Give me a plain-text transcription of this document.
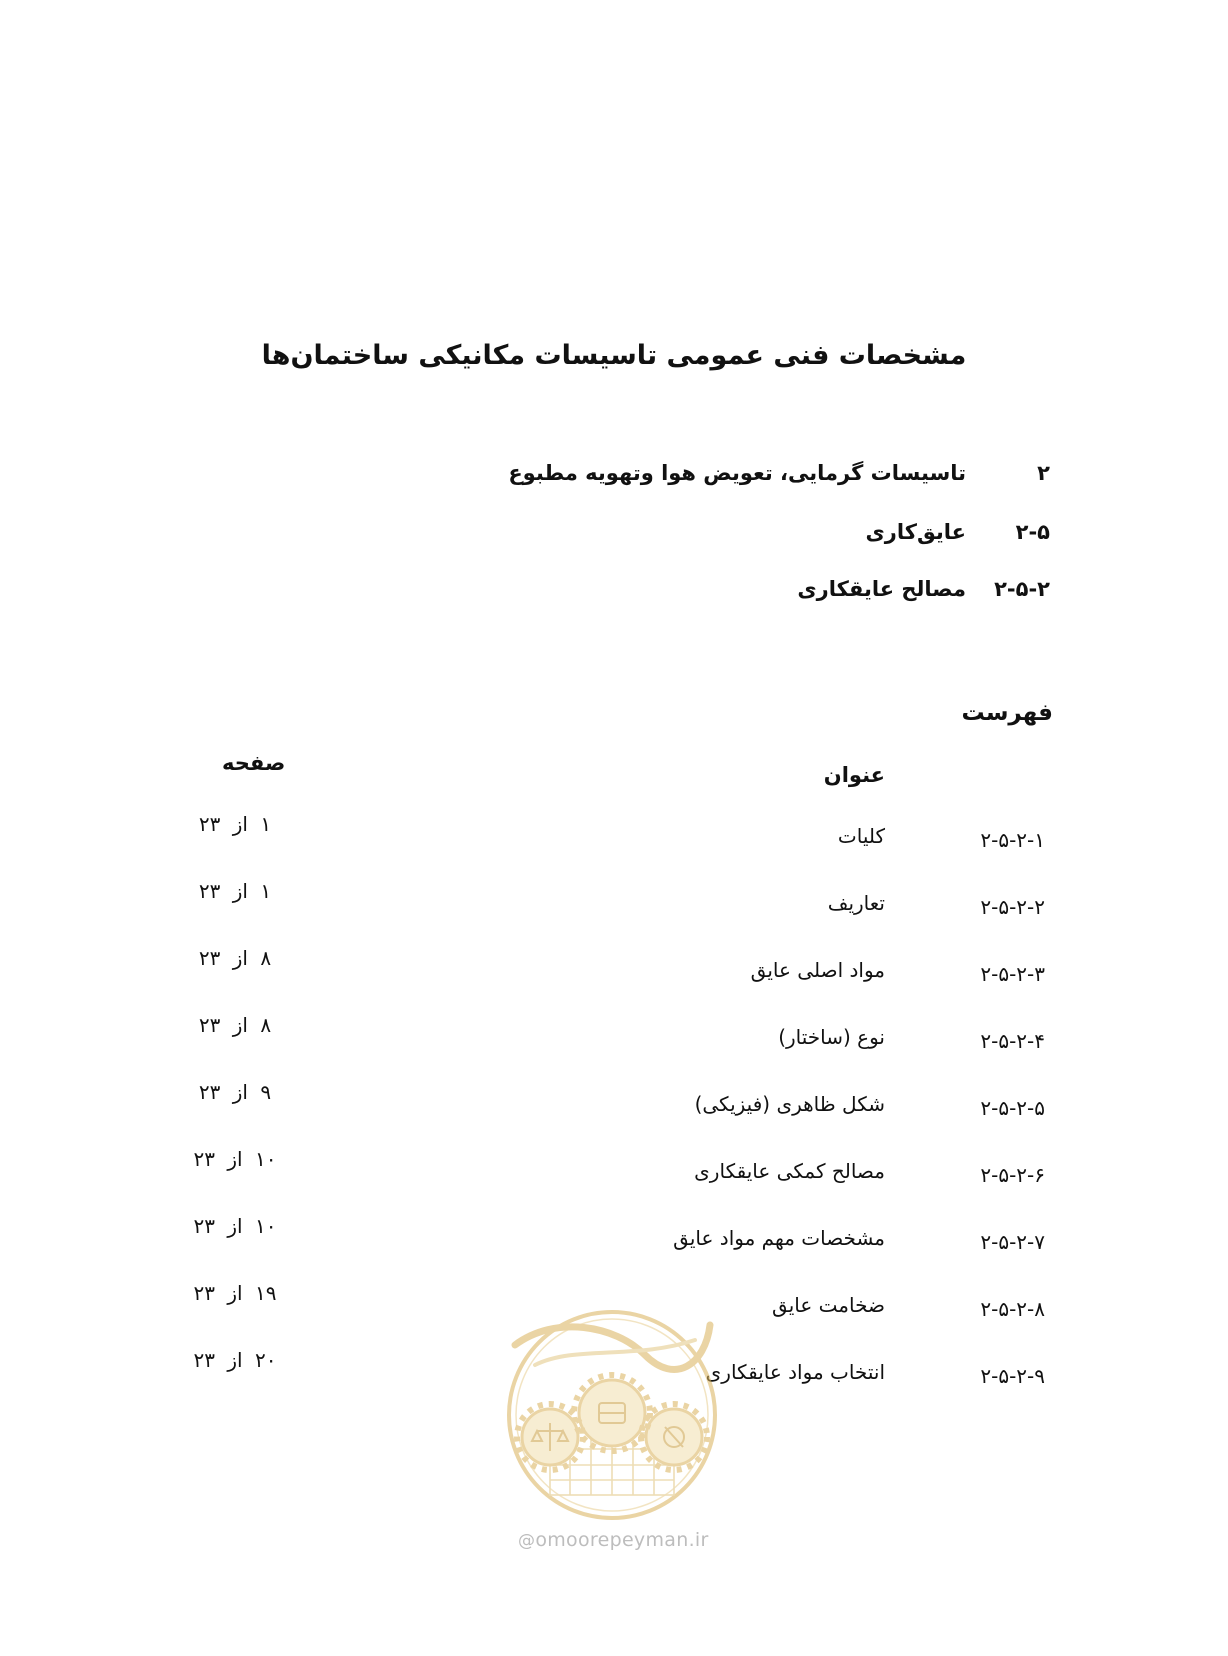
مشخصات فنی عمومی تاسیسات مکانیکی ساختمان‌ها
۲
تاسیسات گرمایی، تعویض هوا وتهویه مطبوع
۲-۵
عایق‌کاری
۲-۵-۲
مصالح عایقکاری
فهرست
عنوان
صفحه
۲-۵-۲-۱
کلیات
۱ از ۲۳
۲-۵-۲-۲
تعاریف
۱ از ۲۳
۲-۵-۲-۳
مواد اصلی عایق
۸ از ۲۳
۲-۵-۲-۴
نوع (ساختار)
۸ از ۲۳
۲-۵-۲-۵
شکل ظاهری (فیزیکی)
۹ از ۲۳
۲-۵-۲-۶
مصالح کمکی عایقکاری
۱۰ از ۲۳
۲-۵-۲-۷
مشخصات مهم مواد عایق
۱۰ از ۲۳
۲-۵-۲-۸
ضخامت عایق
۱۹ از ۲۳
۲-۵-۲-۹
انتخاب مواد عایقکاری
۲۰ از ۲۳
@omoorepeyman.ir
